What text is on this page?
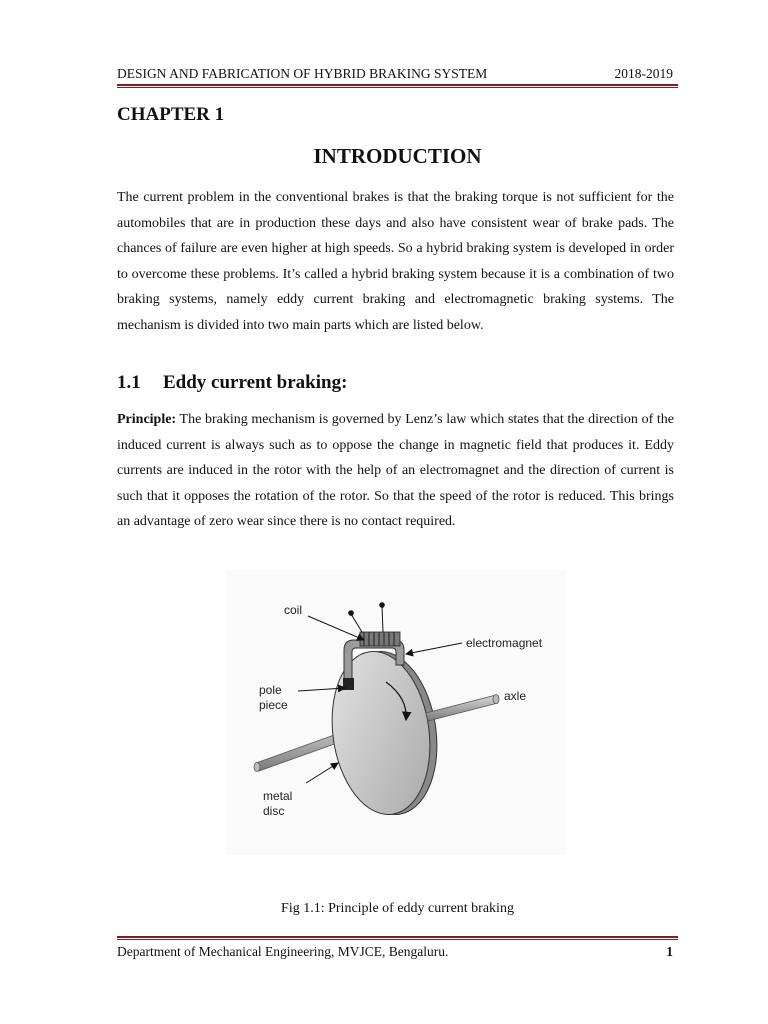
DESIGN AND FABRICATION OF HYBRID BRAKING SYSTEM	2018-2019
CHAPTER 1
INTRODUCTION
The current problem in the conventional brakes is that the braking torque is not sufficient for the automobiles that are in production these days and also have consistent wear of brake pads. The chances of failure are even higher at high speeds. So a hybrid braking system is developed in order to overcome these problems. It’s called a hybrid braking system because it is a combination of two braking systems, namely eddy current braking and electromagnetic braking systems. The mechanism is divided into two main parts which are listed below.
1.1 Eddy current braking:
Principle: The braking mechanism is governed by Lenz’s law which states that the direction of the induced current is always such as to oppose the change in magnetic field that produces it. Eddy currents are induced in the rotor with the help of an electromagnet and the direction of current is such that it opposes the rotation of the rotor. So that the speed of the rotor is reduced. This brings an advantage of zero wear since there is no contact required.
coil
electromagnet
pole
piece
axle
metal
disc
Fig 1.1: Principle of eddy current braking
Department of Mechanical Engineering, MVJCE, Bengaluru.	1
